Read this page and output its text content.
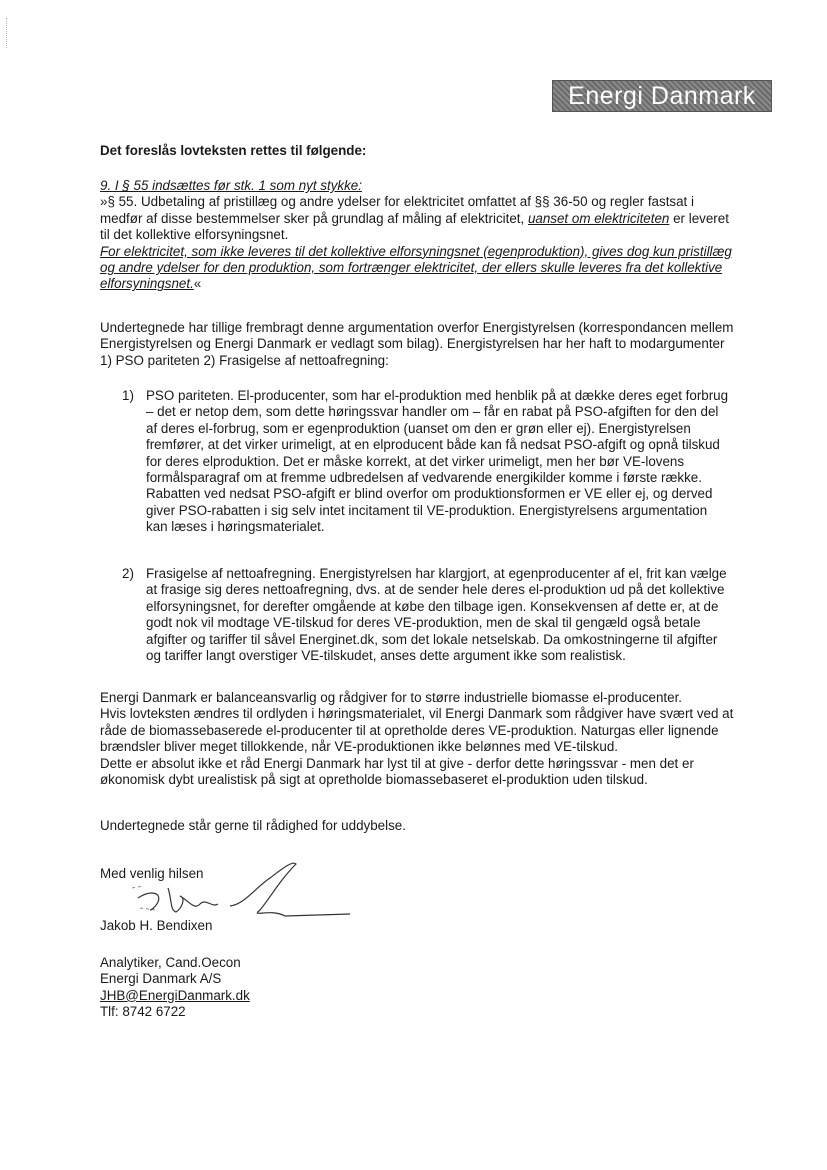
Energi Danmark
Det foreslås lovteksten rettes til følgende:

9. I § 55 indsættes før stk. 1 som nyt stykke:

»§ 55. Udbetaling af pristillæg og andre ydelser for elektricitet omfattet af §§ 36-50 og regler fastsat i medfør af disse bestemmelser sker på grundlag af måling af elektricitet, uanset om elektriciteten er leveret til det kollektive elforsyningsnet.

For elektricitet, som ikke leveres til det kollektive elforsyningsnet (egenproduktion), gives dog kun pristillæg og andre ydelser for den produktion, som fortrænger elektricitet, der ellers skulle leveres fra det kollektive elforsyningsnet.«

Undertegnede har tillige frembragt denne argumentation overfor Energistyrelsen (korrespondancen mellem Energistyrelsen og Energi Danmark er vedlagt som bilag). Energistyrelsen har her haft to modargumenter 1) PSO pariteten 2) Frasigelse af nettoafregning:
1) PSO pariteten. El-producenter, som har el-produktion med henblik på at dække deres eget forbrug – det er netop dem, som dette høringssvar handler om – får en rabat på PSO-afgiften for den del af deres el-forbrug, som er egenproduktion (uanset om den er grøn eller ej). Energistyrelsen fremfører, at det virker urimeligt, at en elproducent både kan få nedsat PSO-afgift og opnå tilskud for deres elproduktion. Det er måske korrekt, at det virker urimeligt, men her bør VE-lovens formålsparagraf om at fremme udbredelsen af vedvarende energikilder komme i første række. Rabatten ved nedsat PSO-afgift er blind overfor om produktionsformen er VE eller ej, og derved giver PSO-rabatten i sig selv intet incitament til VE-produktion. Energistyrelsens argumentation kan læses i høringsmaterialet.
2) Frasigelse af nettoafregning. Energistyrelsen har klargjort, at egenproducenter af el, frit kan vælge at frasige sig deres nettoafregning, dvs. at de sender hele deres el-produktion ud på det kollektive elforsyningsnet, for derefter omgående at købe den tilbage igen. Konsekvensen af dette er, at de godt nok vil modtage VE-tilskud for deres VE-produktion, men de skal til gengæld også betale afgifter og tariffer til såvel Energinet.dk, som det lokale netselskab. Da omkostningerne til afgifter og tariffer langt overstiger VE-tilskudet, anses dette argument ikke som realistisk.

Energi Danmark er balanceansvarlig og rådgiver for to større industrielle biomasse el-producenter.

Hvis lovteksten ændres til ordlyden i høringsmaterialet, vil Energi Danmark som rådgiver have svært ved at råde de biomassebaserede el-producenter til at opretholde deres VE-produktion. Naturgas eller lignende brændsler bliver meget tillokkende, når VE-produktionen ikke belønnes med VE-tilskud.

Dette er absolut ikke et råd Energi Danmark har lyst til at give - derfor dette høringssvar - men det er økonomisk dybt urealistisk på sigt at opretholde biomassebaseret el-produktion uden tilskud.

Undertegnede står gerne til rådighed for uddybelse.
Med venlig hilsen
Jakob H. Bendixen

Analytiker, Cand.Oecon

Energi Danmark A/S

JHB@EnergiDanmark.dk

Tlf: 8742 6722
